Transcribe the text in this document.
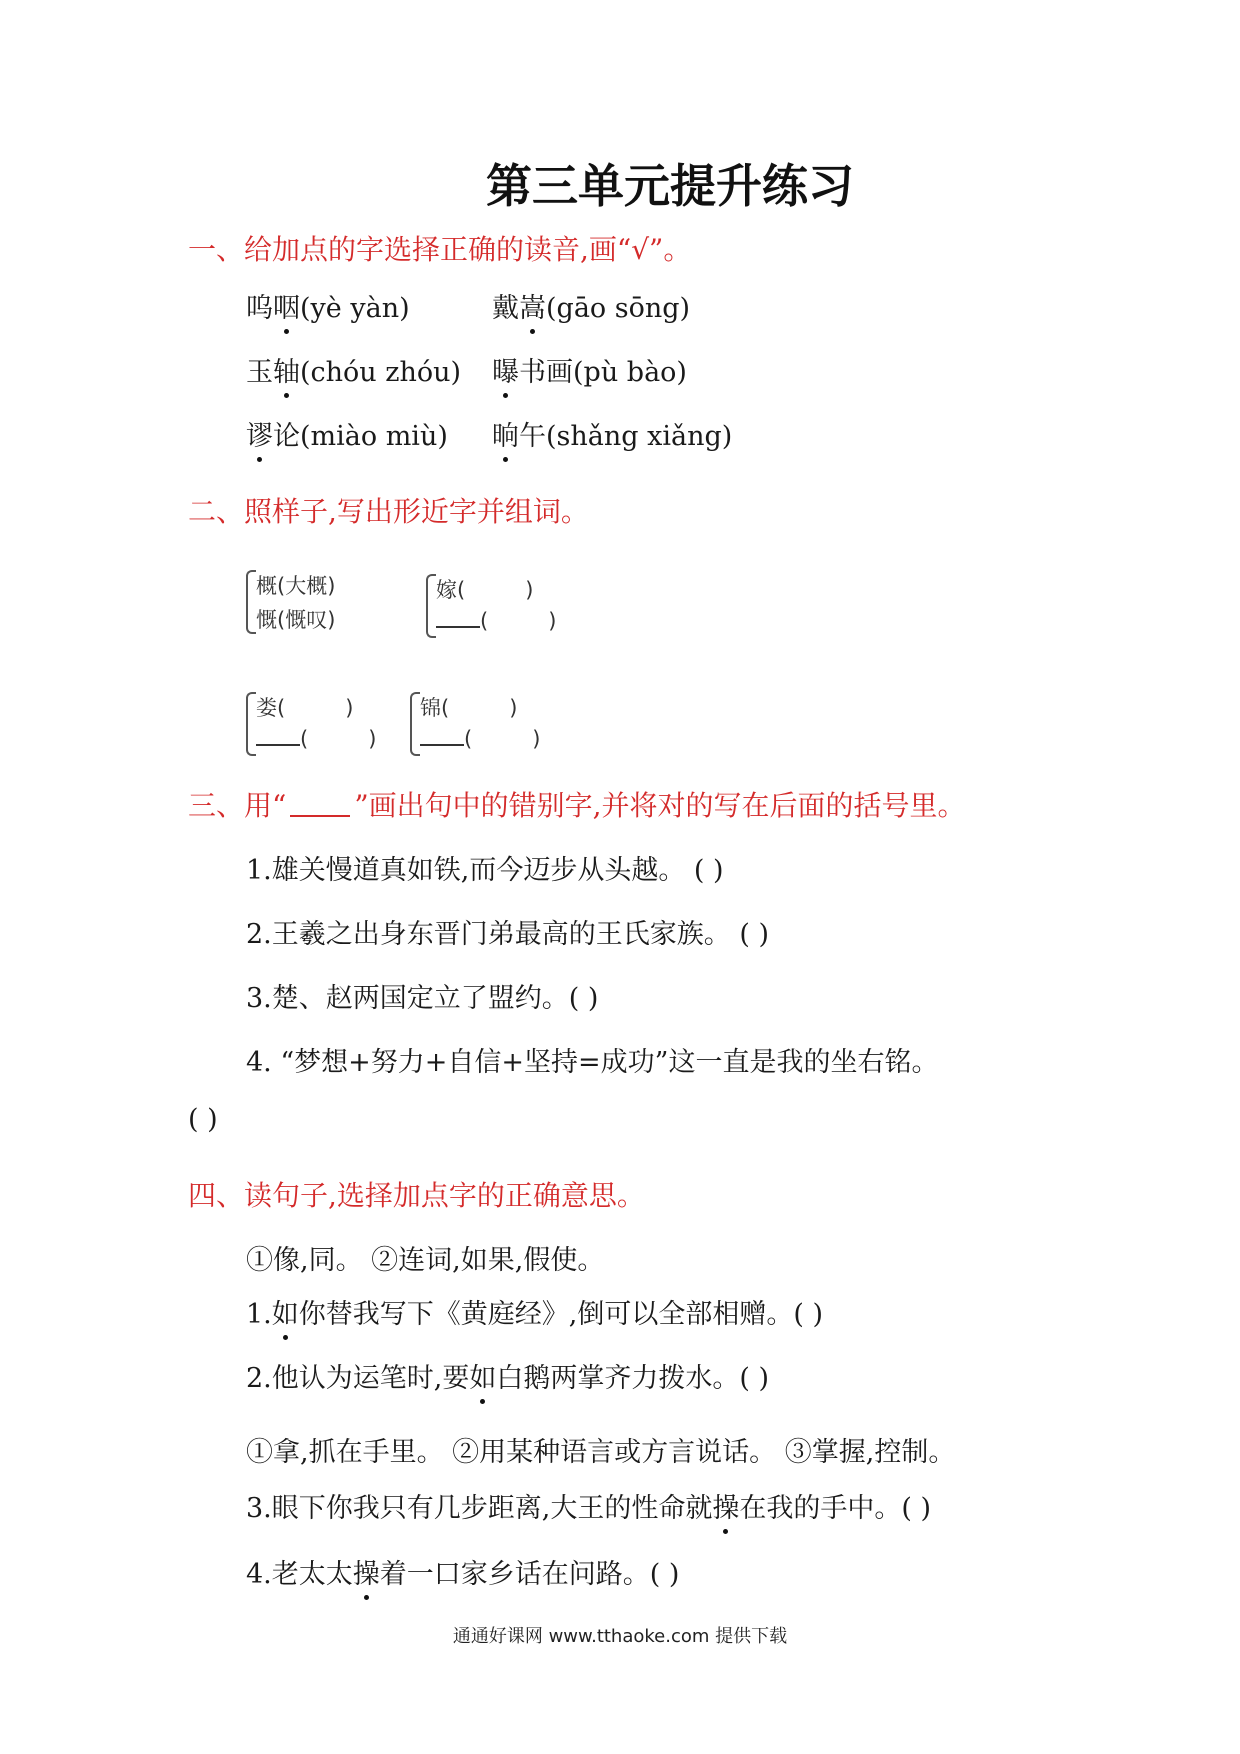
第三单元提升练习
一、给加点的字选择正确的读音,画“√”。
呜咽(yè yàn)	戴嵩(gāo sōng)
玉轴(chóu zhóu) 曝书画(pù bào)
谬论(miào miù) 晌午(shǎng xiǎng)
二、照样子,写出形近字并组词。
概(大概)
慨(慨叹)
嫁(	)
(	)
娄(	)
(	)
锦(	)
(	)
三、用“ ”画出句中的错别字,并将对的写在后面的括号里。
1.雄关慢道真如铁,而今迈步从头越。 ( )
2.王羲之出身东晋门弟最高的王氏家族。 ( )
3.楚、赵两国定立了盟约。( )
4. “梦想+努力+自信+坚持=成功”这一直是我的坐右铭。
( )
四、读句子,选择加点字的正确意思。
①像,同。 ②连词,如果,假使。
1.如你替我写下《黄庭经》,倒可以全部相赠。( )
2.他认为运笔时,要如白鹅两掌齐力拨水。( )
①拿,抓在手里。 ②用某种语言或方言说话。 ③掌握,控制。
3.眼下你我只有几步距离,大王的性命就操在我的手中。( )
4.老太太操着一口家乡话在问路。( )
通通好课网 www.tthaoke.com 提供下载
